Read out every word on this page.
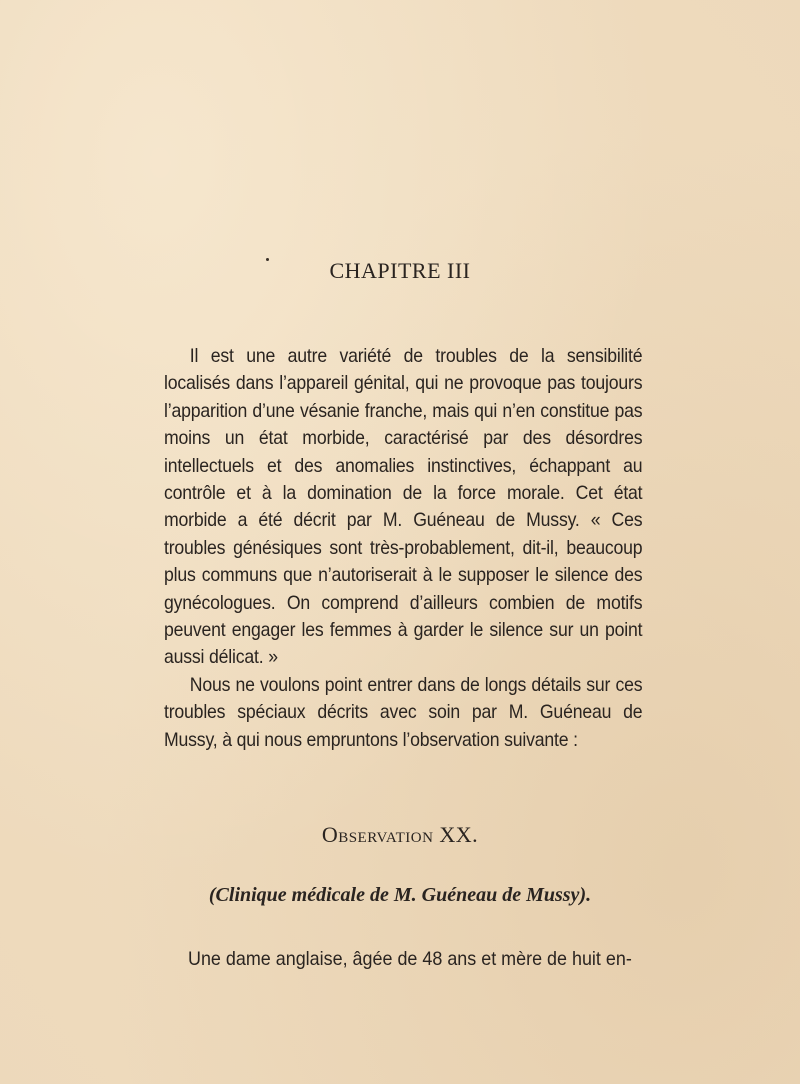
CHAPITRE III

Il est une autre variété de troubles de la sensibilité localisés dans l’appareil génital, qui ne provoque pas toujours l’apparition d’une vésanie franche, mais qui n’en constitue pas moins un état morbide, caractérisé par des désordres intellectuels et des anomalies instinctives, échappant au contrôle et à la domination de la force morale. Cet état morbide a été décrit par M. Guéneau de Mussy. « Ces troubles génésiques sont très-probablement, dit-il, beaucoup plus communs que n’autoriserait à le supposer le silence des gynécologues. On comprend d’ailleurs combien de motifs peuvent engager les femmes à garder le silence sur un point aussi délicat. »

Nous ne voulons point entrer dans de longs détails sur ces troubles spéciaux décrits avec soin par M. Guéneau de Mussy, à qui nous empruntons l’observation suivante :

Observation XX.
(Clinique médicale de M. Guéneau de Mussy).
Une dame anglaise, âgée de 48 ans et mère de huit en-
